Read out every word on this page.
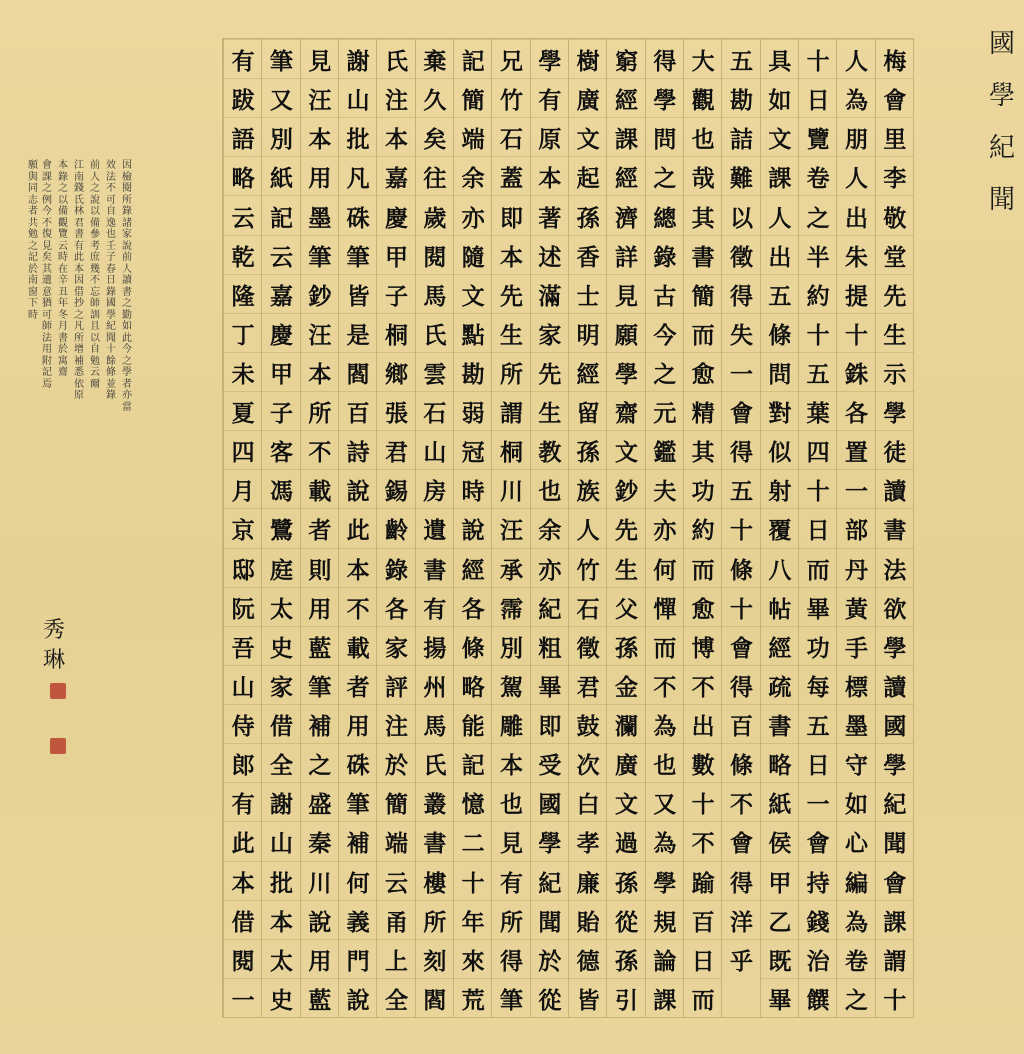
國
學
紀
聞
梅
會
里
李
敬
堂
先
生
示
學
徒
讀
書
法
欲
學
讀
國
學
紀
聞
會
課
謂
十
人
為
朋
人
出
朱
提
十
銖
各
置
一
部
丹
黃
手
標
墨
守
如
心
編
為
卷
之
十
日
覽
卷
之
半
約
十
五
葉
四
十
日
而
畢
功
每
五
日
一
會
持
錢
治
饌
具
如
文
課
人
出
五
條
問
對
似
射
覆
八
帖
經
疏
書
略
紙
侯
甲
乙
既
畢
五
勘
詰
難
以
徵
得
失
一
會
得
五
十
條
十
會
得
百
條
不
會
得
洋
乎
大
觀
也
哉
其
書
簡
而
愈
精
其
功
約
而
愈
博
不
出
數
十
不
踰
百
日
而
得
學
問
之
總
錄
古
今
之
元
鑑
夫
亦
何
憚
而
不
為
也
又
為
學
規
論
課
窮
經
課
經
濟
詳
見
願
學
齋
文
鈔
先
生
父
孫
金
瀾
廣
文
過
孫
從
孫
引
樹
廣
文
起
孫
香
士
明
經
留
孫
族
人
竹
石
徵
君
鼓
次
白
孝
廉
貽
德
皆
學
有
原
本
著
述
滿
家
先
生
教
也
余
亦
紀
粗
畢
即
受
國
學
紀
聞
於
從
兄
竹
石
蓋
即
本
先
生
所
謂
桐
川
汪
承
霈
別
駕
雕
本
也
見
有
所
得
筆
記
簡
端
余
亦
隨
文
點
勘
弱
冠
時
說
經
各
條
略
能
記
憶
二
十
年
來
荒
棄
久
矣
往
歲
閱
馬
氏
雲
石
山
房
遺
書
有
揚
州
馬
氏
叢
書
樓
所
刻
閻
氏
注
本
嘉
慶
甲
子
桐
鄉
張
君
錫
齡
錄
各
家
評
注
於
簡
端
云
甬
上
全
謝
山
批
凡
硃
筆
皆
是
閻
百
詩
說
此
本
不
載
者
用
硃
筆
補
何
義
門
說
見
汪
本
用
墨
筆
鈔
汪
本
所
不
載
者
則
用
藍
筆
補
之
盛
秦
川
說
用
藍
筆
又
別
紙
記
云
嘉
慶
甲
子
客
馮
鷺
庭
太
史
家
借
全
謝
山
批
本
太
史
有
跋
語
略
云
乾
隆
丁
未
夏
四
月
京
邸
阮
吾
山
侍
郎
有
此
本
借
閱
一
因檢閱所錄諸家說前人讀書之勤如此今之學者亦當
效法不可自逸也壬子春日錄國學紀聞十餘條並錄
前人之說以備參考庶幾不忘師訓且以自勉云爾
江南錢氏林君書有此本因借抄之凡所增補悉依原
本錄之以備觀覽云時在辛丑年冬月書於寓齋
會課之例今不復見矣其遺意猶可師法用附記焉
願與同志者共勉之記於南窗下時
秀
琳
